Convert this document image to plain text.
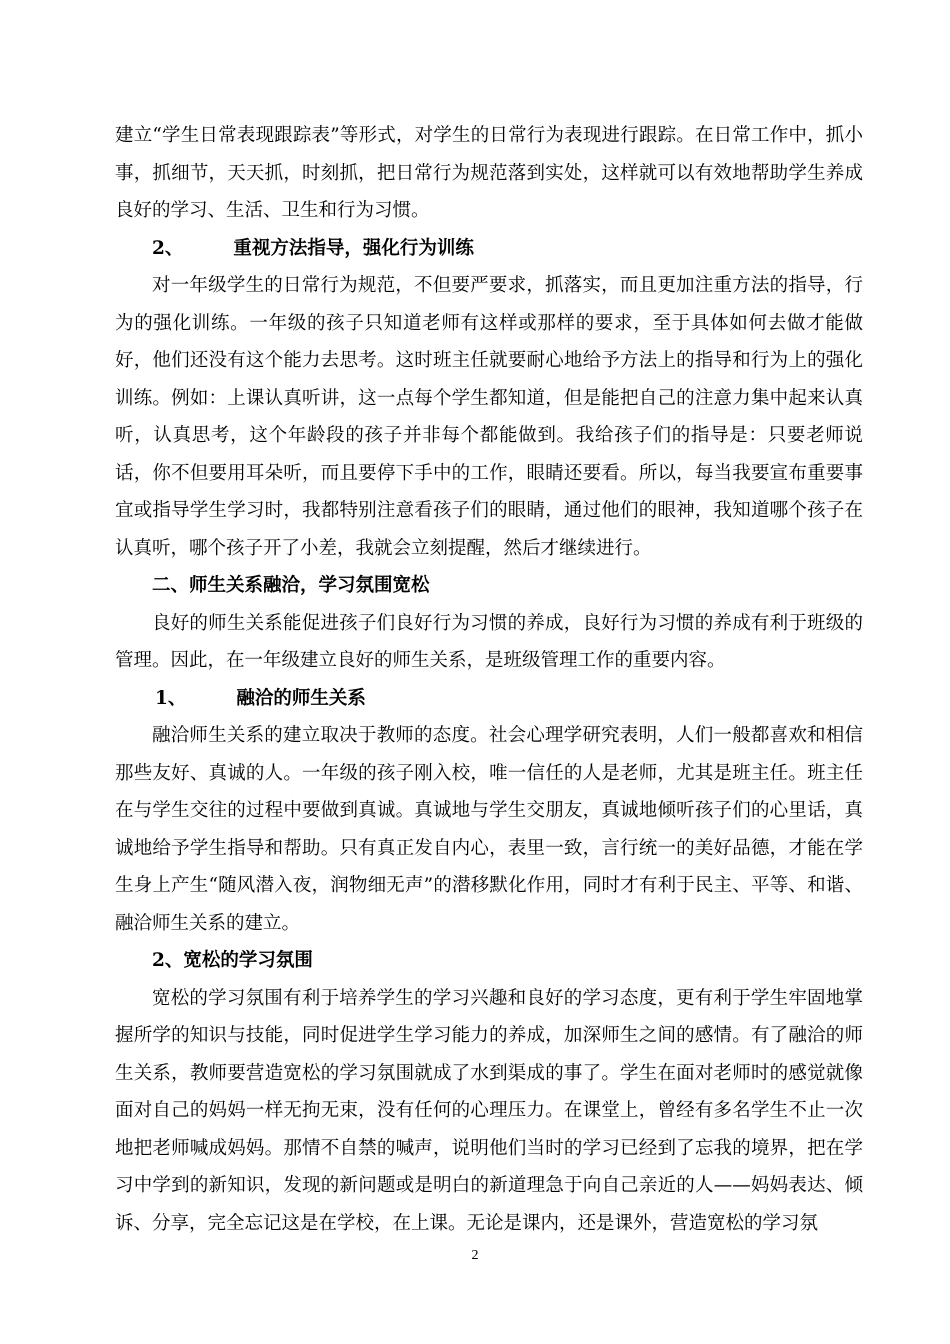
建立“学生日常表现跟踪表”等形式，对学生的日常行为表现进行跟踪。在日常工作中，抓小事，抓细节，天天抓，时刻抓，把日常行为规范落到实处，这样就可以有效地帮助学生养成良好的学习、生活、卫生和行为习惯。

2、	重视方法指导，强化行为训练

对一年级学生的日常行为规范，不但要严要求，抓落实，而且更加注重方法的指导，行为的强化训练。一年级的孩子只知道老师有这样或那样的要求，至于具体如何去做才能做好，他们还没有这个能力去思考。这时班主任就要耐心地给予方法上的指导和行为上的强化训练。例如：上课认真听讲，这一点每个学生都知道，但是能把自己的注意力集中起来认真听，认真思考，这个年龄段的孩子并非每个都能做到。我给孩子们的指导是：只要老师说话，你不但要用耳朵听，而且要停下手中的工作，眼睛还要看。所以，每当我要宣布重要事宜或指导学生学习时，我都特别注意看孩子们的眼睛，通过他们的眼神，我知道哪个孩子在认真听，哪个孩子开了小差，我就会立刻提醒，然后才继续进行。

二、师生关系融洽，学习氛围宽松

良好的师生关系能促进孩子们良好行为习惯的养成，良好行为习惯的养成有利于班级的管理。因此，在一年级建立良好的师生关系，是班级管理工作的重要内容。

1、	融洽的师生关系

融洽师生关系的建立取决于教师的态度。社会心理学研究表明，人们一般都喜欢和相信那些友好、真诚的人。一年级的孩子刚入校，唯一信任的人是老师，尤其是班主任。班主任在与学生交往的过程中要做到真诚。真诚地与学生交朋友，真诚地倾听孩子们的心里话，真诚地给予学生指导和帮助。只有真正发自内心，表里一致，言行统一的美好品德，才能在学生身上产生“随风潜入夜，润物细无声”的潜移默化作用，同时才有利于民主、平等、和谐、融洽师生关系的建立。

2、宽松的学习氛围

宽松的学习氛围有利于培养学生的学习兴趣和良好的学习态度，更有利于学生牢固地掌握所学的知识与技能，同时促进学生学习能力的养成，加深师生之间的感情。有了融洽的师生关系，教师要营造宽松的学习氛围就成了水到渠成的事了。学生在面对老师时的感觉就像面对自己的妈妈一样无拘无束，没有任何的心理压力。在课堂上，曾经有多名学生不止一次地把老师喊成妈妈。那情不自禁的喊声，说明他们当时的学习已经到了忘我的境界，把在学习中学到的新知识，发现的新问题或是明白的新道理急于向自己亲近的人——妈妈表达、倾诉、分享，完全忘记这是在学校，在上课。无论是课内，还是课外，营造宽松的学习氛

2
